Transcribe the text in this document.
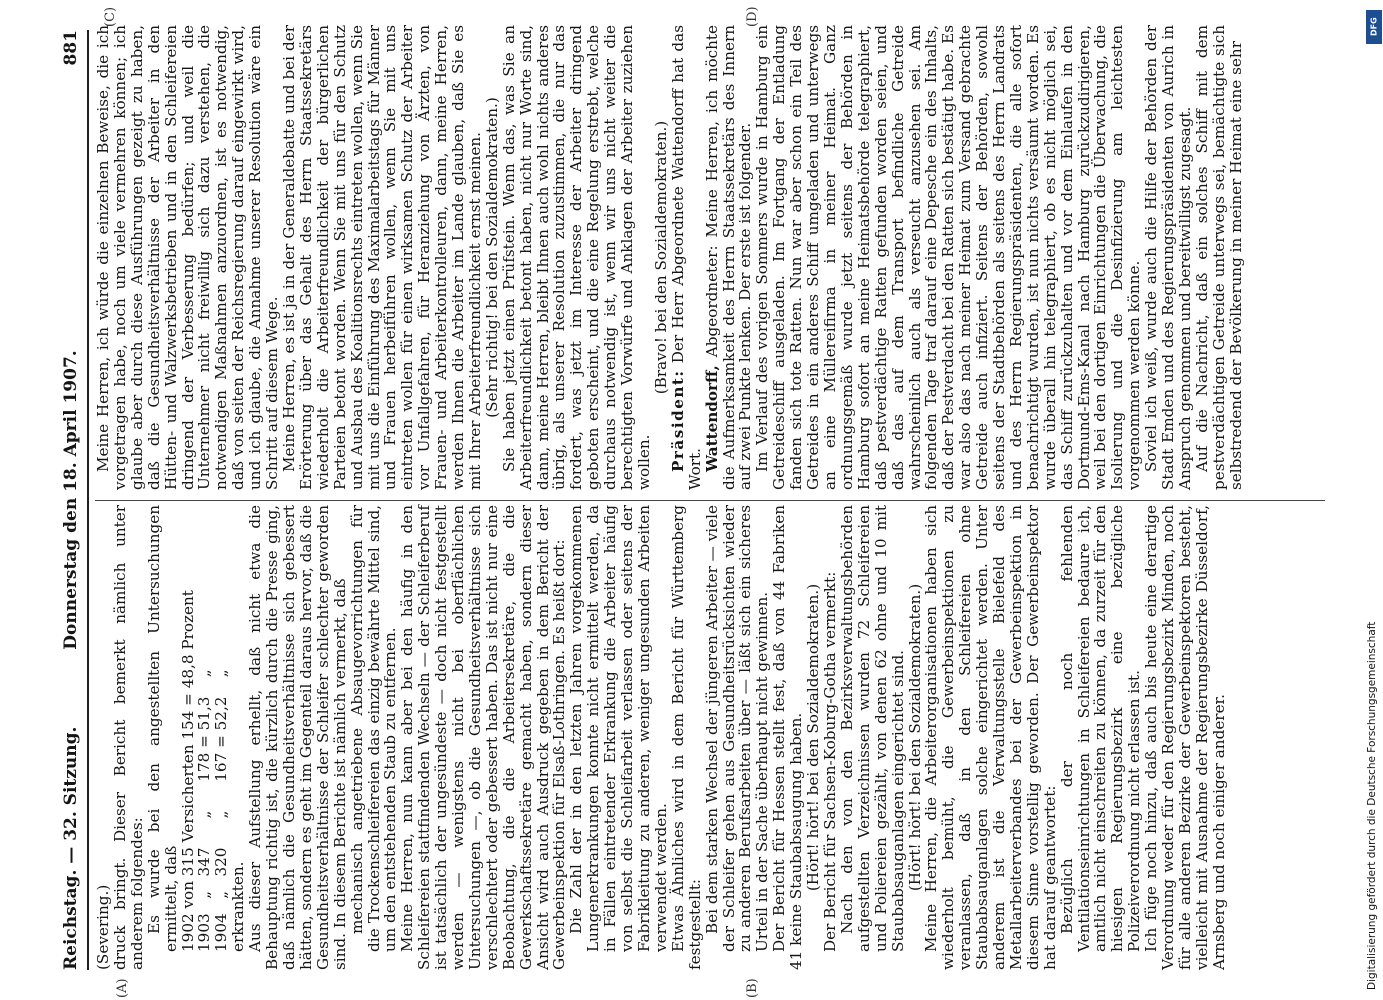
Reichstag. — 32. Sitzung.
Donnerstag den 18. April 1907.
881
(A)	(B)
(C)	(D)

(Severing.)

druck bringt. Dieser Bericht bemerkt nämlich unter anderem folgendes:

Es wurde bei den angestellten Untersuchungen ermittelt, daß

1902 von 315 Versicherten 154 = 48,8 Prozent

1903   „   347      „      178 = 51,3    „

1904   „   320      „      167 = 52,2    „

erkrankten.

Aus dieser Aufstellung erhellt, daß nicht etwa die Behauptung richtig ist, die kürzlich durch die Presse ging, daß nämlich die Gesundheitsverhältnisse sich gebessert hätten, sondern es geht im Gegenteil daraus hervor, daß die Gesundheitsverhältnisse der Schleifer schlechter geworden sind. In diesem Berichte ist nämlich vermerkt, daß

mechanisch angetriebene Absaugevorrichtungen für die Trockenschleifereien das einzig bewährte Mittel sind, um den entstehenden Staub zu entfernen.

Meine Herren, nun kann aber bei den häufig in den Schleifereien stattfindenden Wechseln — der Schleiferberuf ist tatsächlich der ungesündeste — doch nicht festgestellt werden — wenigstens nicht bei oberflächlichen Untersuchungen —, ob die Gesundheitsverhältnisse sich verschlechtert oder gebessert haben. Das ist nicht nur eine Beobachtung, die die Arbeitersekretäre, die die Gewerkschaftssekretäre gemacht haben, sondern dieser Ansicht wird auch Ausdruck gegeben in dem Bericht der Gewerbeinspektion für Elsaß-Lothringen. Es heißt dort:

Die Zahl der in den letzten Jahren vorgekommenen Lungenerkrankungen konnte nicht ermittelt werden, da in Fällen eintretender Erkrankung die Arbeiter häufig von selbst die Schleifarbeit verlassen oder seitens der Fabrikleitung zu anderen, weniger ungesunden Arbeiten verwendet werden.

Etwas Ähnliches wird in dem Bericht für Württemberg festgestellt:

Bei dem starken Wechsel der jüngeren Arbeiter — viele der Schleifer gehen aus Gesundheitsrücksichten wieder zu anderen Berufsarbeiten über — läßt sich ein sicheres Urteil in der Sache überhaupt nicht gewinnen.

Der Bericht für Hessen stellt fest, daß von 44 Fabriken 41 keine Staubabsaugung haben.

(Hört! hört! bei den Sozialdemokraten.)

Der Bericht für Sachsen-Koburg-Gotha vermerkt:

Nach den von den Bezirksverwaltungsbehörden aufgestellten Verzeichnissen wurden 72 Schleifereien und Poliereien gezählt, von denen 62 ohne und 10 mit Staubabsauganlagen eingerichtet sind.

(Hört! hört! bei den Sozialdemokraten.)

Meine Herren, die Arbeiterorganisationen haben sich wiederholt bemüht, die Gewerbeinspektionen zu veranlassen, daß in den Schleifereien ohne Staubabsauganlagen solche eingerichtet werden. Unter anderem ist die Verwaltungsstelle Bielefeld des Metallarbeiterverbandes bei der Gewerbeinspektion in diesem Sinne vorstellig geworden. Der Gewerbeinspektor hat darauf geantwortet:

Bezüglich der noch fehlenden Ventilationseinrichtungen in Schleifereien bedaure ich, amtlich nicht einschreiten zu können, da zurzeit für den hiesigen Regierungsbezirk eine bezügliche Polizeiverordnung nicht erlassen ist.

Ich füge noch hinzu, daß auch bis heute eine derartige Verordnung weder für den Regierungsbezirk Minden, noch für alle anderen Bezirke der Gewerbeinspektoren besteht, vielleicht mit Ausnahme der Regierungsbezirke Düsseldorf, Arnsberg und noch einiger anderer.

Meine Herren, ich würde die einzelnen Beweise, die ich vorgetragen habe, noch um viele vermehren können; ich glaube aber durch diese Ausführungen gezeigt zu haben, daß die Gesundheitsverhältnisse der Arbeiter in den Hütten- und Walzwerksbetrieben und in den Schleifereien dringend der Verbesserung bedürfen; und weil die Unternehmer nicht freiwillig sich dazu verstehen, die notwendigen Maßnahmen anzuordnen, ist es notwendig, daß von seiten der Reichsregierung darauf eingewirkt wird, und ich glaube, die Annahme unserer Resolution wäre ein Schritt auf diesem Wege.

Meine Herren, es ist ja in der Generaldebatte und bei der Erörterung über das Gehalt des Herrn Staatssekretärs wiederholt die Arbeiterfreundlichkeit der bürgerlichen Parteien betont worden. Wenn Sie mit uns für den Schutz und Ausbau des Koalitionsrechts eintreten wollen, wenn Sie mit uns die Einführung des Maximalarbeitstags für Männer und Frauen herbeiführen wollen, wenn Sie mit uns eintreten wollen für einen wirksamen Schutz der Arbeiter vor Unfallgefahren, für Heranziehung von Ärzten, von Frauen- und Arbeiterkontrolleuren, dann, meine Herren, werden Ihnen die Arbeiter im Lande glauben, daß Sie es mit Ihrer Arbeiterfreundlichkeit ernst meinen.

(Sehr richtig! bei den Sozialdemokraten.)

Sie haben jetzt einen Prüfstein. Wenn das, was Sie an Arbeiterfreundlichkeit betont haben, nicht nur Worte sind, dann, meine Herren, bleibt Ihnen auch wohl nichts anderes übrig, als unserer Resolution zuzustimmen, die nur das fordert, was jetzt im Interesse der Arbeiter dringend geboten erscheint, und die eine Regelung erstrebt, welche durchaus notwendig ist, wenn wir uns nicht weiter die berechtigten Vorwürfe und Anklagen der Arbeiter zuziehen wollen.

(Bravo! bei den Sozialdemokraten.)

Präsident: Der Herr Abgeordnete Wattendorff hat das Wort.

Wattendorff, Abgeordneter: Meine Herren, ich möchte die Aufmerksamkeit des Herrn Staatssekretärs des Innern auf zwei Punkte lenken. Der erste ist folgender.

Im Verlauf des vorigen Sommers wurde in Hamburg ein Getreideschiff ausgeladen. Im Fortgang der Entladung fanden sich tote Ratten. Nun war aber schon ein Teil des Getreides in ein anderes Schiff umgeladen und unterwegs an eine Müllereifirma in meiner Heimat. Ganz ordnungsgemäß wurde jetzt seitens der Behörden in Hamburg sofort an meine Heimatsbehörde telegraphiert, daß pestverdächtige Ratten gefunden worden seien, und daß das auf dem Transport befindliche Getreide wahrscheinlich auch als verseucht anzusehen sei. Am folgenden Tage traf darauf eine Depesche ein des Inhalts, daß der Pestverdacht bei den Ratten sich bestätigt habe. Es war also das nach meiner Heimat zum Versand gebrachte Getreide auch infiziert. Seitens der Behörden, sowohl seitens der Stadtbehörden als seitens des Herrn Landrats und des Herrn Regierungspräsidenten, die alle sofort benachrichtigt wurden, ist nun nichts versäumt worden. Es wurde überall hin telegraphiert, ob es nicht möglich sei, das Schiff zurückzuhalten und vor dem Einlaufen in den Dortmund-Ems-Kanal nach Hamburg zurückzudirigieren, weil bei den dortigen Einrichtungen die Überwachung, die Isolierung und die Desinfizierung am leichtesten vorgenommen werden könne.

Soviel ich weiß, wurde auch die Hilfe der Behörden der Stadt Emden und des Regierungspräsidenten von Aurich in Anspruch genommen und bereitwilligst zugesagt.

Auf die Nachricht, daß ein solches Schiff mit dem pestverdächtigen Getreide unterwegs sei, bemächtigte sich selbstredend der Bevölkerung in meiner Heimat eine sehr

DFG
Digitalisierung gefördert durch die Deutsche Forschungsgemeinschaft
